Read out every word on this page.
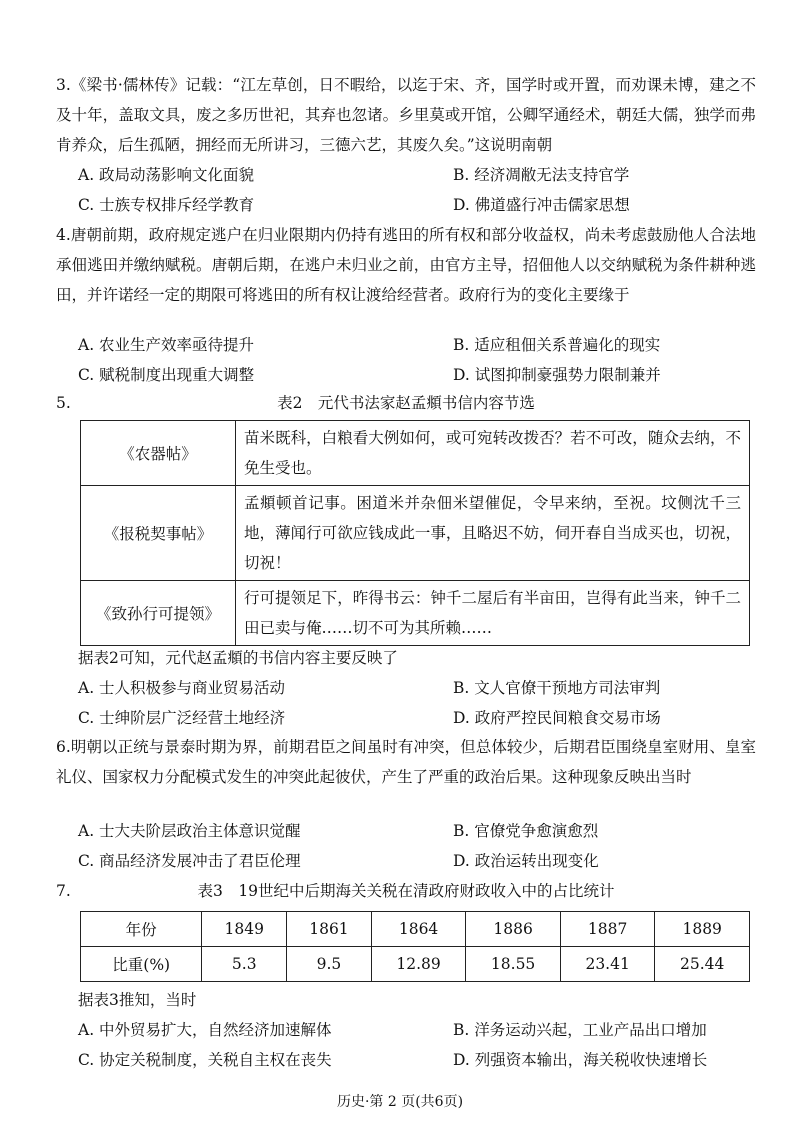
3.《梁书·儒林传》记载：“江左草创，日不暇给，以迄于宋、齐，国学时或开置，而劝课未博，建之不及十年，盖取文具，废之多历世祀，其弃也忽诸。乡里莫或开馆，公卿罕通经术，朝廷大儒，独学而弗肯养众，后生孤陋，拥经而无所讲习，三德六艺，其废久矣。”这说明南朝
A. 政局动荡影响文化面貌	B. 经济凋敝无法支持官学
C. 士族专权排斥经学教育	D. 佛道盛行冲击儒家思想
4.唐朝前期，政府规定逃户在归业限期内仍持有逃田的所有权和部分收益权，尚未考虑鼓励他人合法地承佃逃田并缴纳赋税。唐朝后期，在逃户未归业之前，由官方主导，招佃他人以交纳赋税为条件耕种逃田，并许诺经一定的期限可将逃田的所有权让渡给经营者。政府行为的变化主要缘于
A. 农业生产效率亟待提升	B. 适应租佃关系普遍化的现实
C. 赋税制度出现重大调整	D. 试图抑制豪强势力限制兼并
表2　元代书法家赵孟頫书信内容节选
5.
《农器帖》	苗米既科，白粮看大例如何，或可宛转改拨否？若不可改，随众去纳，不免生受也。
《报税契事帖》	孟頫顿首记事。困道米并杂佃米望催促，令早来纳，至祝。坟侧沈千三地，薄闻行可欲应钱成此一事，且略迟不妨，伺开春自当成买也，切祝，切祝！
《致孙行可提领》	行可提领足下，昨得书云：钟千二屋后有半亩田，岂得有此当来，钟千二田已卖与俺……切不可为其所赖……
据表2可知，元代赵孟頫的书信内容主要反映了
A. 士人积极参与商业贸易活动	B. 文人官僚干预地方司法审判
C. 士绅阶层广泛经营土地经济	D. 政府严控民间粮食交易市场
6.明朝以正统与景泰时期为界，前期君臣之间虽时有冲突，但总体较少，后期君臣围绕皇室财用、皇室礼仪、国家权力分配模式发生的冲突此起彼伏，产生了严重的政治后果。这种现象反映出当时
A. 士大夫阶层政治主体意识觉醒	B. 官僚党争愈演愈烈
C. 商品经济发展冲击了君臣伦理	D. 政治运转出现变化
表3　19世纪中后期海关关税在清政府财政收入中的占比统计
7.
年份	1849	1861	1864	1886	1887	1889
比重(%)	5.3	9.5	12.89	18.55	23.41	25.44
据表3推知，当时
A. 中外贸易扩大，自然经济加速解体	B. 洋务运动兴起，工业产品出口增加
C. 协定关税制度，关税自主权在丧失	D. 列强资本输出，海关税收快速增长
历史·第 2 页(共6页)
